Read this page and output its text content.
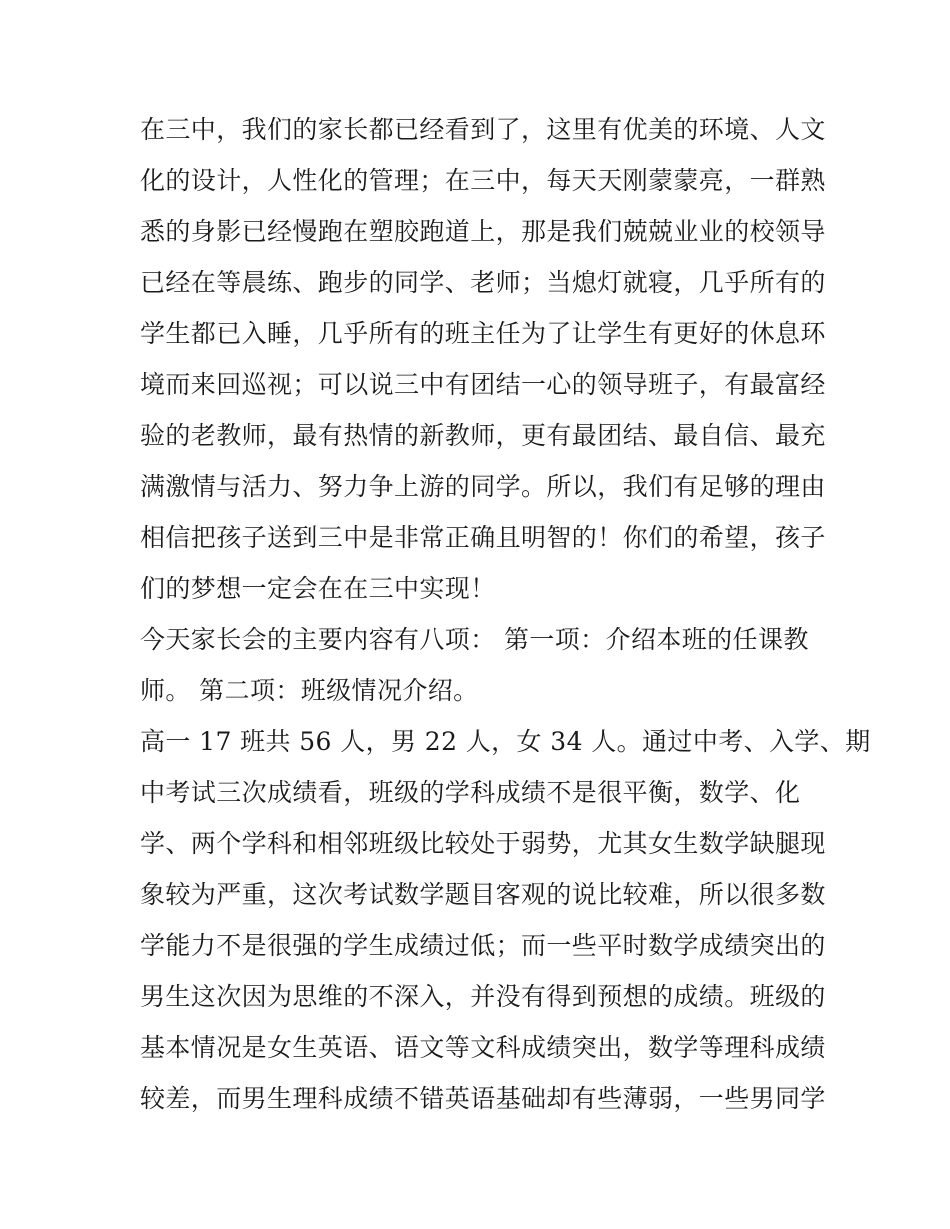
在三中，我们的家长都已经看到了，这里有优美的环境、人文
化的设计，人性化的管理；在三中，每天天刚蒙蒙亮，一群熟
悉的身影已经慢跑在塑胶跑道上，那是我们兢兢业业的校领导
已经在等晨练、跑步的同学、老师；当熄灯就寝，几乎所有的
学生都已入睡，几乎所有的班主任为了让学生有更好的休息环
境而来回巡视；可以说三中有团结一心的领导班子，有最富经
验的老教师，最有热情的新教师，更有最团结、最自信、最充
满激情与活力、努力争上游的同学。所以，我们有足够的理由
相信把孩子送到三中是非常正确且明智的！你们的希望，孩子
们的梦想一定会在在三中实现！
今天家长会的主要内容有八项： 第一项：介绍本班的任课教
师。 第二项：班级情况介绍。
高一 17 班共 56 人，男 22 人，女 34 人。通过中考、入学、期
中考试三次成绩看，班级的学科成绩不是很平衡，数学、化
学、两个学科和相邻班级比较处于弱势，尤其女生数学缺腿现
象较为严重，这次考试数学题目客观的说比较难，所以很多数
学能力不是很强的学生成绩过低；而一些平时数学成绩突出的
男生这次因为思维的不深入，并没有得到预想的成绩。班级的
基本情况是女生英语、语文等文科成绩突出，数学等理科成绩
较差，而男生理科成绩不错英语基础却有些薄弱，一些男同学
